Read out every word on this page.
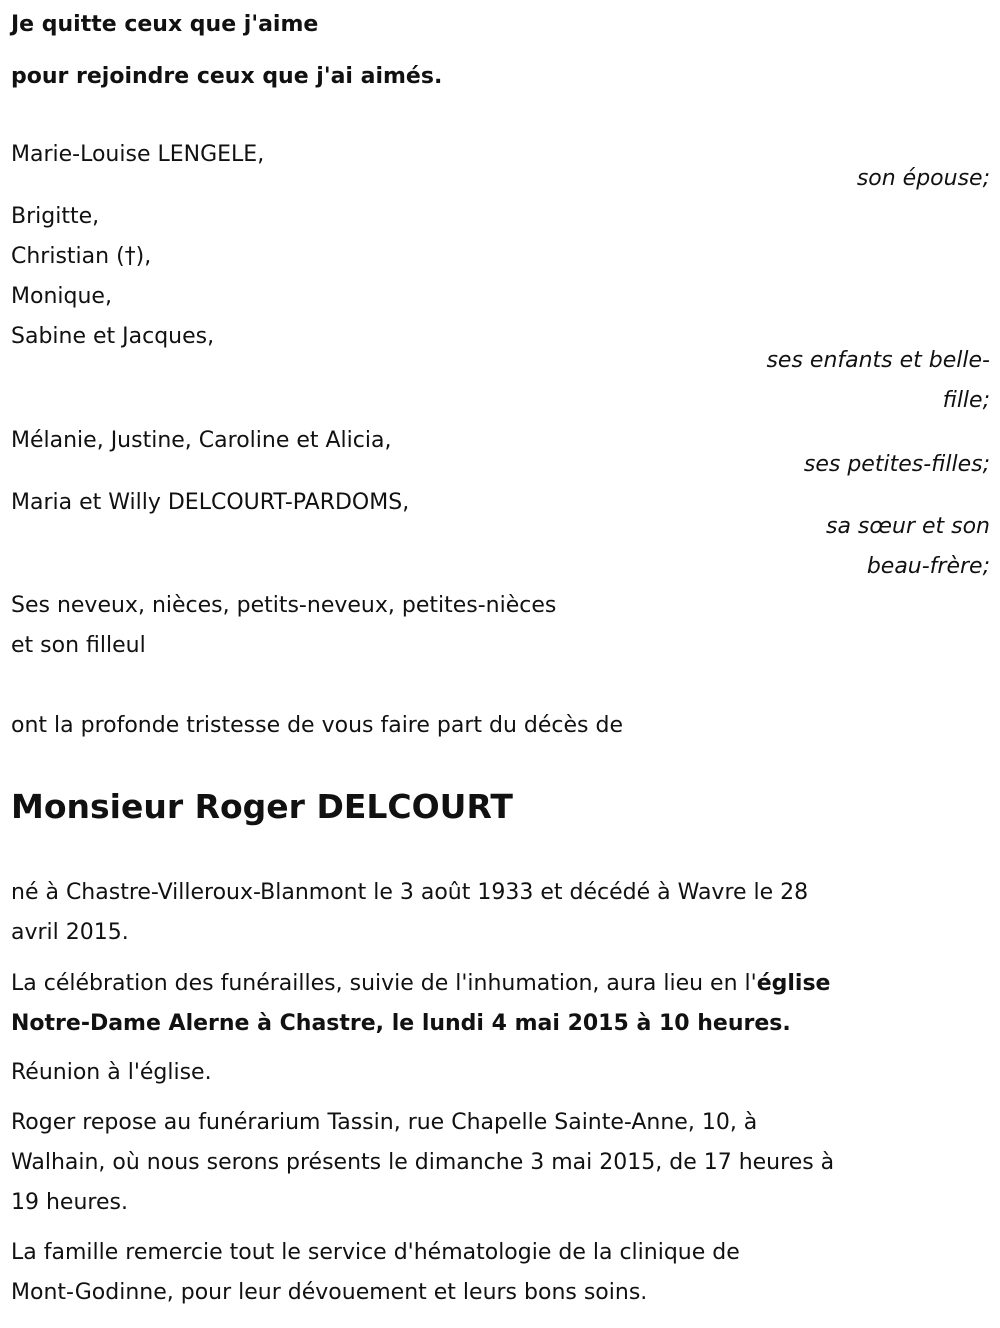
Je quitte ceux que j'aime
pour rejoindre ceux que j'ai aimés.
Marie-Louise LENGELE,
son épouse;
Brigitte,
Christian (†),
Monique,
Sabine et Jacques,
ses enfants et belle-
fille;
Mélanie, Justine, Caroline et Alicia,
ses petites-filles;
Maria et Willy DELCOURT-PARDOMS,
sa sœur et son
beau-frère;
Ses neveux, nièces, petits-neveux, petites-nièces
et son filleul
ont la profonde tristesse de vous faire part du décès de
Monsieur Roger DELCOURT
né à Chastre-Villeroux-Blanmont le 3 août 1933 et décédé à Wavre le 28
avril 2015.
La célébration des funérailles, suivie de l'inhumation, aura lieu en l'église
Notre-Dame Alerne à Chastre, le lundi 4 mai 2015 à 10 heures.
Réunion à l'église.
Roger repose au funérarium Tassin, rue Chapelle Sainte-Anne, 10, à
Walhain, où nous serons présents le dimanche 3 mai 2015, de 17 heures à
19 heures.
La famille remercie tout le service d'hématologie de la clinique de
Mont-Godinne, pour leur dévouement et leurs bons soins.
